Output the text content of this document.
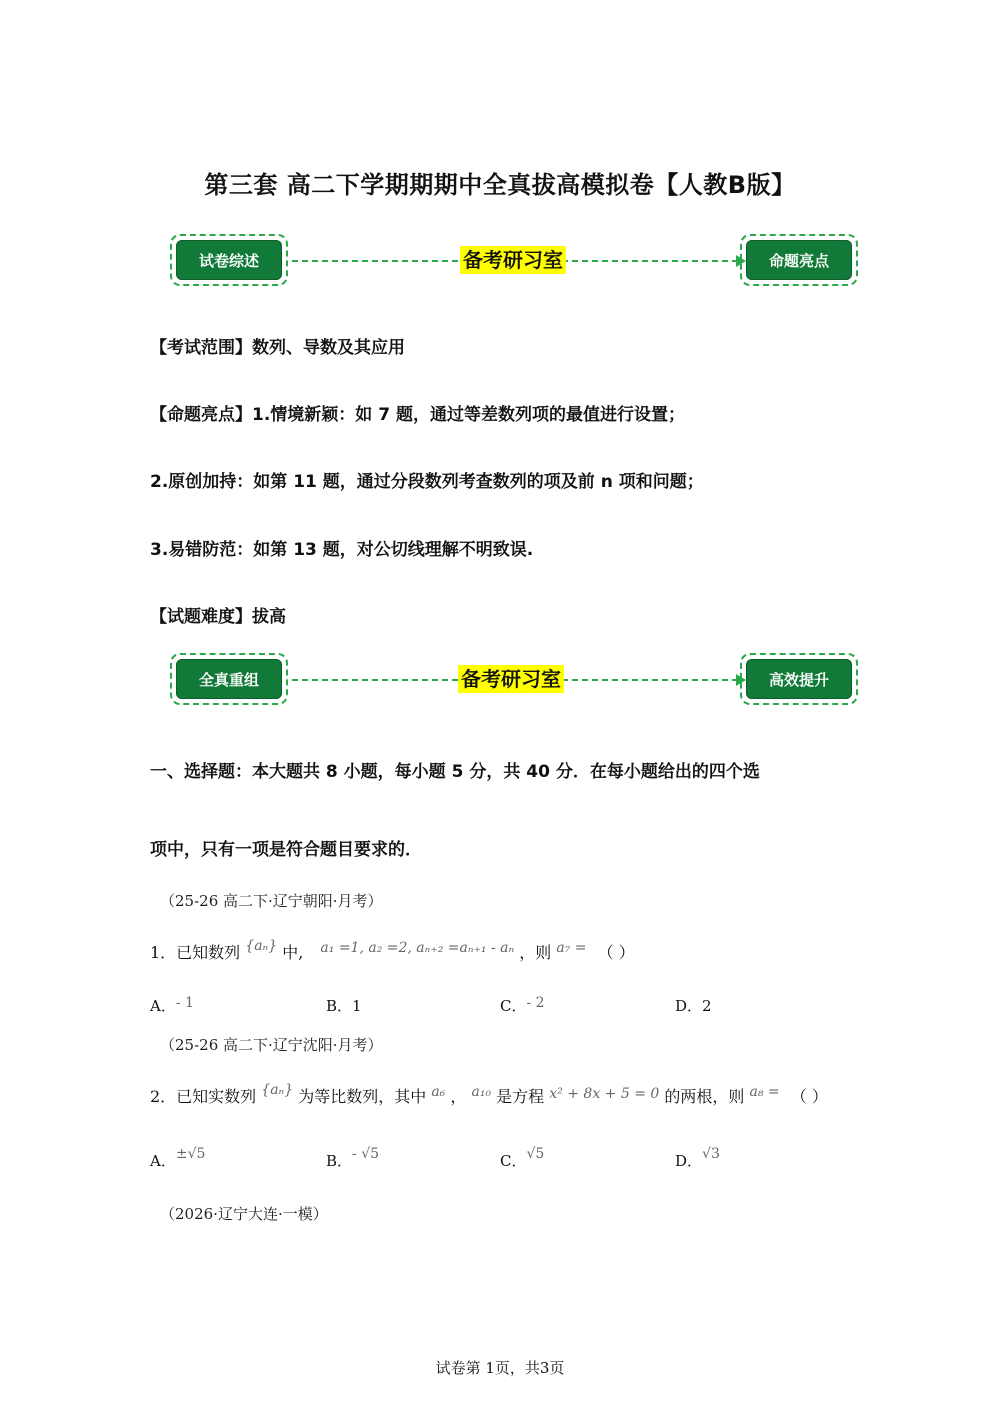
第三套 高二下学期期期中全真拔高模拟卷【人教B版】
试卷综述	备考研习室	命题亮点
【考试范围】数列、导数及其应用
【命题亮点】1.情境新颖：如 7 题，通过等差数列项的最值进行设置；
2.原创加持：如第 11 题，通过分段数列考查数列的项及前 n 项和问题；
3.易错防范：如第 13 题，对公切线理解不明致误.
【试题难度】拔高
全真重组	备考研习室	高效提升
一、选择题：本大题共 8 小题，每小题 5 分，共 40 分．在每小题给出的四个选
项中，只有一项是符合题目要求的．
（25-26 高二下·辽宁朝阳·月考）
1．已知数列 {aₙ} 中, a₁ =1, a₂ =2, aₙ₊₂ =aₙ₊₁ - aₙ ，则 a₇ = （ ）
A．- 1	B．1	C．- 2	D．2
（25-26 高二下·辽宁沈阳·月考）
2．已知实数列 {aₙ} 为等比数列，其中 a₆ ， a₁₀ 是方程 x² + 8x + 5 = 0 的两根，则 a₈ = （ ）
A．±√5	B．- √5	C．√5	D．√3
（2026·辽宁大连·一模）
试卷第 1页，共3页
